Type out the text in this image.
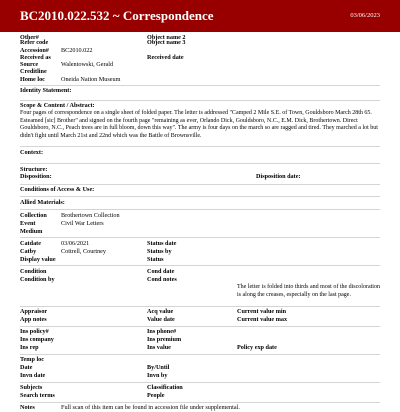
BC2010.022.532 ~ Correspondence	03/06/2023
Other#	Object name 2
Refer code	Object name 3
Accession#	BC2010.022
Received as	Received date
Source	Walentowski, Gerald
Creditline
Home loc	Oneida Nation Museum
Identity Statement:
Scope & Content / Abstract:
Four pages of correspondence on a single sheet of folded paper. The letter is addressed "Camped 2 Mile S.E. of Town, Gouldsboro March 28th 65. Esteamed [sic] Brother" and signed on the fourth page "remaining as ever, Orlando Dick, Gouldsboro, N.C., E.M. Dick, Brothertown. Direct Gouldsboro, N.C., Peach trees are in full bloom, down this way". The army is four days on the march so are ragged and tired. They marched a lot but didn't fight until March 21st and 22nd which was the Battle of Brownsville.
Context:
Structure:
Disposition:	Disposition date:
Conditions of Access & Use:
Allied Materials:
Collection	Brothertown Collection
Event	Civil War Letters
Medium
Catdate	03/06/2021	Status date
Catby	Cottrell, Courtney	Status by
Display value	Status
Condition	Cond date
Condition by	Cond notes
The letter is folded into thirds and most of the discoloration is along the creases, especially on the last page.
Appraisor	Acq value	Current value min
App notes	Value date	Current value max
Ins policy#	Ins phone#
Ins company	Ins premium
Ins rep	Ins value	Policy exp date
Temp loc
Date	By/Until
Invn date	Invn by
Subjects	Classification
Search terms	People
Notes	Full scan of this item can be found in accession file under supplemental.
